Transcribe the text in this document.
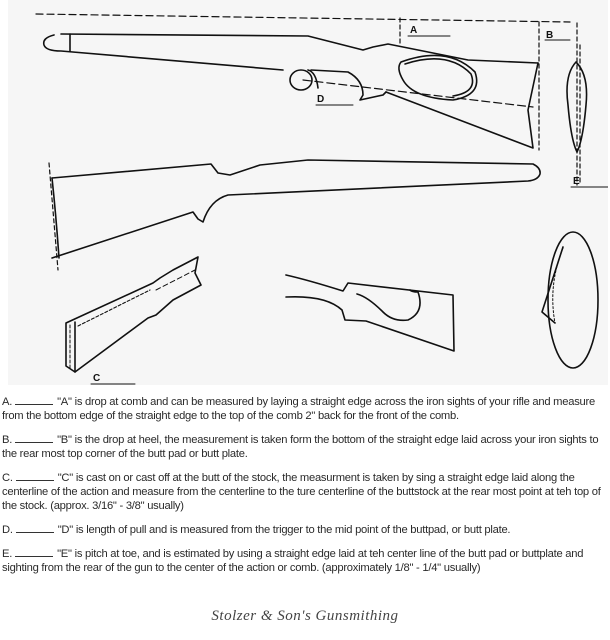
A	B
C
D
E

A.	"A" is drop at comb and can be measured by laying a straight edge across the iron sights of your rifle and measure from the bottom edge of the straight edge to the top of the comb 2" back for the front of the comb.

B.	"B" is the drop at heel, the measurement is taken form the bottom of the straight edge laid across your iron sights to the rear most top corner of the butt pad or butt plate.

C.	"C" is cast on or cast off at the butt of the stock, the measurment is taken by sing a straight edge laid along the centerline of the action and measure from the centerline to the ture centerline of the buttstock at the rear most point at teh top of the stock. (approx. 3/16" - 3/8" usually)

D.	"D" is length of pull and is measured from the trigger to the mid point of the buttpad, or butt plate.

E.	"E" is pitch at toe, and is estimated by using a straight edge laid at teh center line of the butt pad or buttplate and sighting from the rear of the gun to the center of the action or comb. (approximately 1/8" - 1/4" usually)

Stolzer & Son's Gunsmithing
